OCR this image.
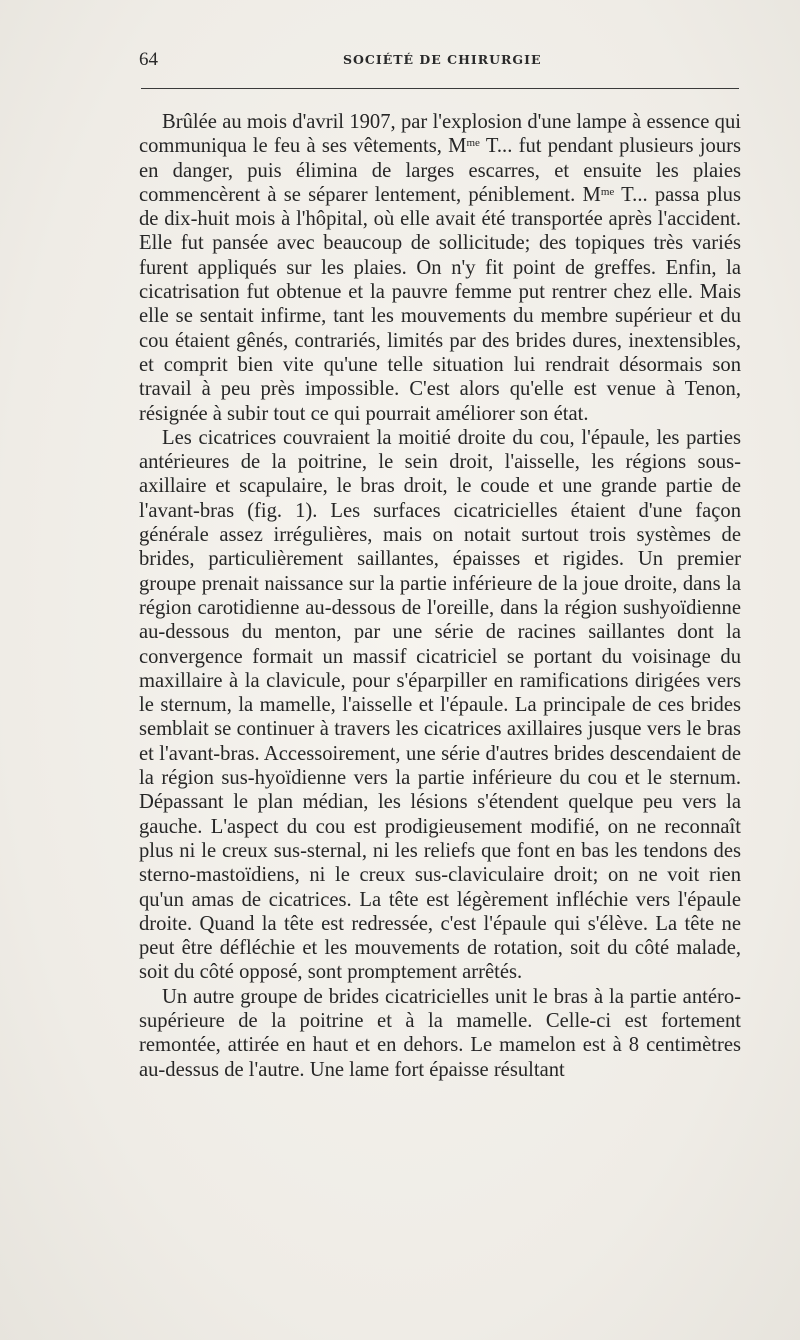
64	SOCIÉTÉ DE CHIRURGIE

Brûlée au mois d'avril 1907, par l'explosion d'une lampe à essence qui communiqua le feu à ses vêtements, $M^{me}$ T... fut pendant plusieurs jours en danger, puis élimina de larges escarres, et ensuite les plaies commencèrent à se séparer lentement, péniblement. $M^{me}$ T... passa plus de dix-huit mois à l'hôpital, où elle avait été transportée après l'accident. Elle fut pansée avec beaucoup de sollicitude; des topiques très variés furent appliqués sur les plaies. On n'y fit point de greffes. Enfin, la cicatrisation fut obtenue et la pauvre femme put rentrer chez elle. Mais elle se sentait infirme, tant les mouvements du membre supérieur et du cou étaient gênés, contrariés, limités par des brides dures, inextensibles, et comprit bien vite qu'une telle situation lui rendrait désormais son travail à peu près impossible. C'est alors qu'elle est venue à Tenon, résignée à subir tout ce qui pourrait améliorer son état.

Les cicatrices couvraient la moitié droite du cou, l'épaule, les parties antérieures de la poitrine, le sein droit, l'aisselle, les régions sous-axillaire et scapulaire, le bras droit, le coude et une grande partie de l'avant-bras (fig. 1). Les surfaces cicatricielles étaient d'une façon générale assez irrégulières, mais on notait surtout trois systèmes de brides, particulièrement saillantes, épaisses et rigides. Un premier groupe prenait naissance sur la partie inférieure de la joue droite, dans la région carotidienne au-dessous de l'oreille, dans la région sushyoïdienne au-dessous du menton, par une série de racines saillantes dont la convergence formait un massif cicatriciel se portant du voisinage du maxillaire à la clavicule, pour s'éparpiller en ramifications dirigées vers le sternum, la mamelle, l'aisselle et l'épaule. La principale de ces brides semblait se continuer à travers les cicatrices axillaires jusque vers le bras et l'avant-bras. Accessoirement, une série d'autres brides descendaient de la région sus-hyoïdienne vers la partie inférieure du cou et le sternum. Dépassant le plan médian, les lésions s'étendent quelque peu vers la gauche. L'aspect du cou est prodigieusement modifié, on ne reconnaît plus ni le creux sus-sternal, ni les reliefs que font en bas les tendons des sterno-mastoïdiens, ni le creux sus-claviculaire droit; on ne voit rien qu'un amas de cicatrices. La tête est légèrement infléchie vers l'épaule droite. Quand la tête est redressée, c'est l'épaule qui s'élève. La tête ne peut être défléchie et les mouvements de rotation, soit du côté malade, soit du côté opposé, sont promptement arrêtés.

Un autre groupe de brides cicatricielles unit le bras à la partie antéro-supérieure de la poitrine et à la mamelle. Celle-ci est fortement remontée, attirée en haut et en dehors. Le mamelon est à 8 centimètres au-dessus de l'autre. Une lame fort épaisse résultant
